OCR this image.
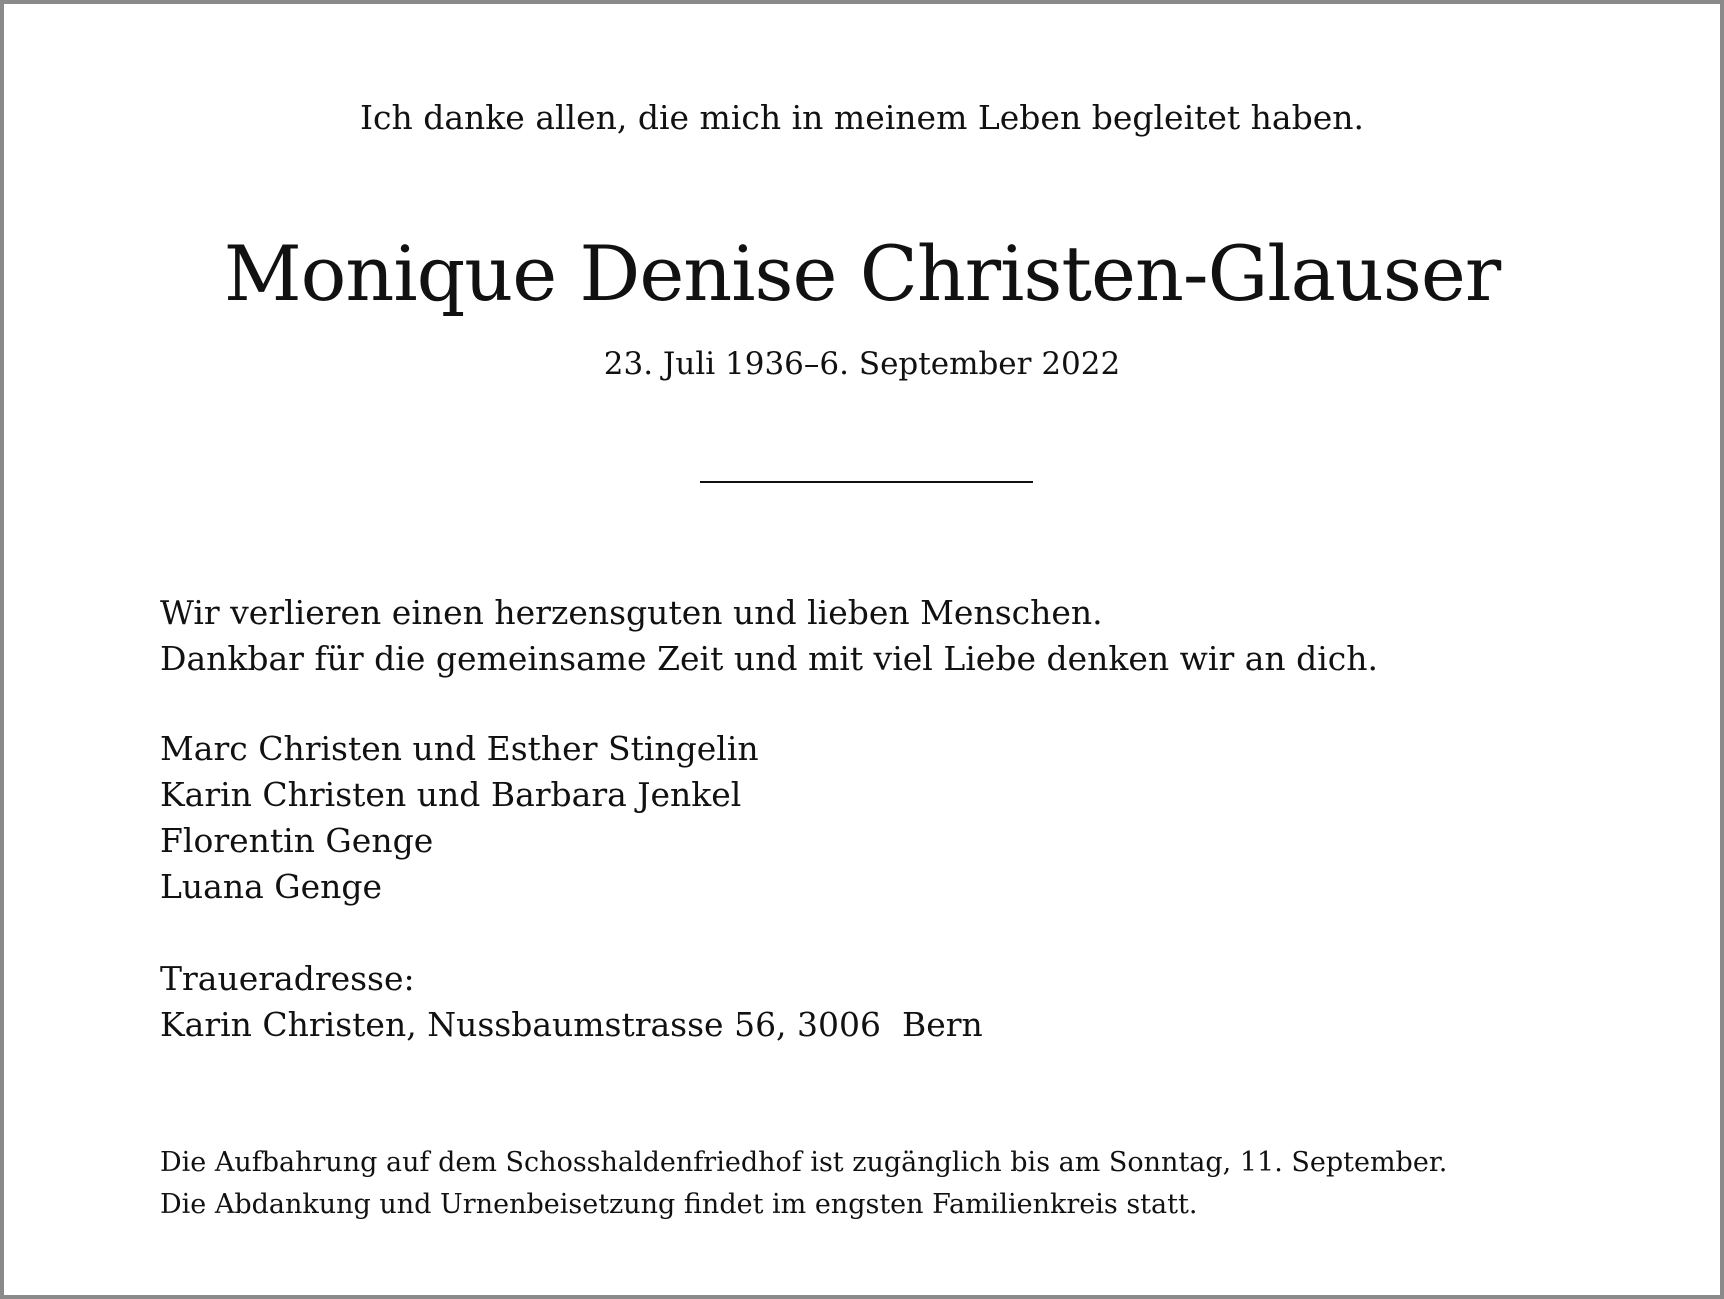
Ich danke allen, die mich in meinem Leben begleitet haben.
Monique Denise Christen-Glauser
23. Juli 1936–6. September 2022
Wir verlieren einen herzensguten und lieben Menschen.
Dankbar für die gemeinsame Zeit und mit viel Liebe denken wir an dich.
Marc Christen und Esther Stingelin
Karin Christen und Barbara Jenkel
Florentin Genge
Luana Genge
Traueradresse:
Karin Christen, Nussbaumstrasse 56, 3006  Bern
Die Aufbahrung auf dem Schosshaldenfriedhof ist zugänglich bis am Sonntag, 11. September.
Die Abdankung und Urnenbeisetzung findet im engsten Familienkreis statt.
